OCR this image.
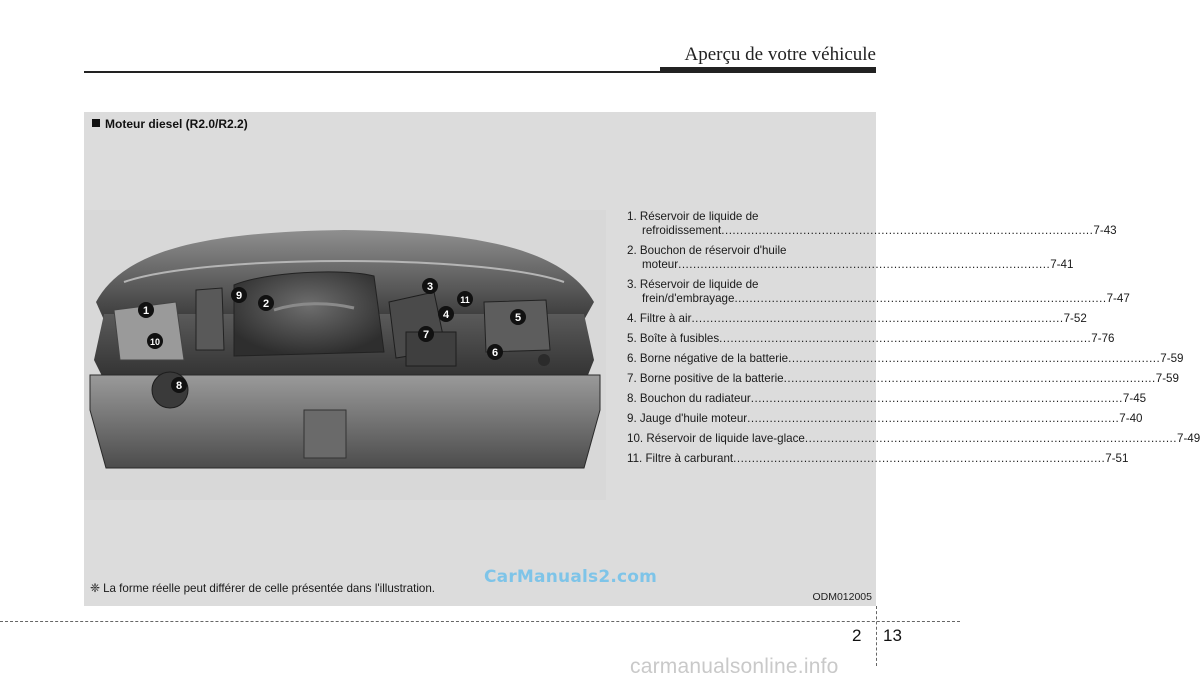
Aperçu de votre véhicule
Moteur diesel (R2.0/R2.2)
1
2
3
4	5
6
7
8
9
10
11
1. Réservoir de liquide de
refroidissement .....	7-43
2. Bouchon de réservoir d'huile
moteur .....	7-41
3. Réservoir de liquide de
frein/d'embrayage .....	7-47
4. Filtre à air .....	7-52
5. Boîte à fusibles .....	7-76
6. Borne négative de la batterie .....	7-59
7. Borne positive de la batterie .....	7-59
8. Bouchon du radiateur .....	7-45
9. Jauge d'huile moteur .....	7-40
10. Réservoir de liquide lave-glace .....	7-49
11. Filtre à carburant .....	7-51
❈ La forme réelle peut différer de celle présentée dans l'illustration.
CarManuals2.com
ODM012005
2 13
carmanualsonline.info
